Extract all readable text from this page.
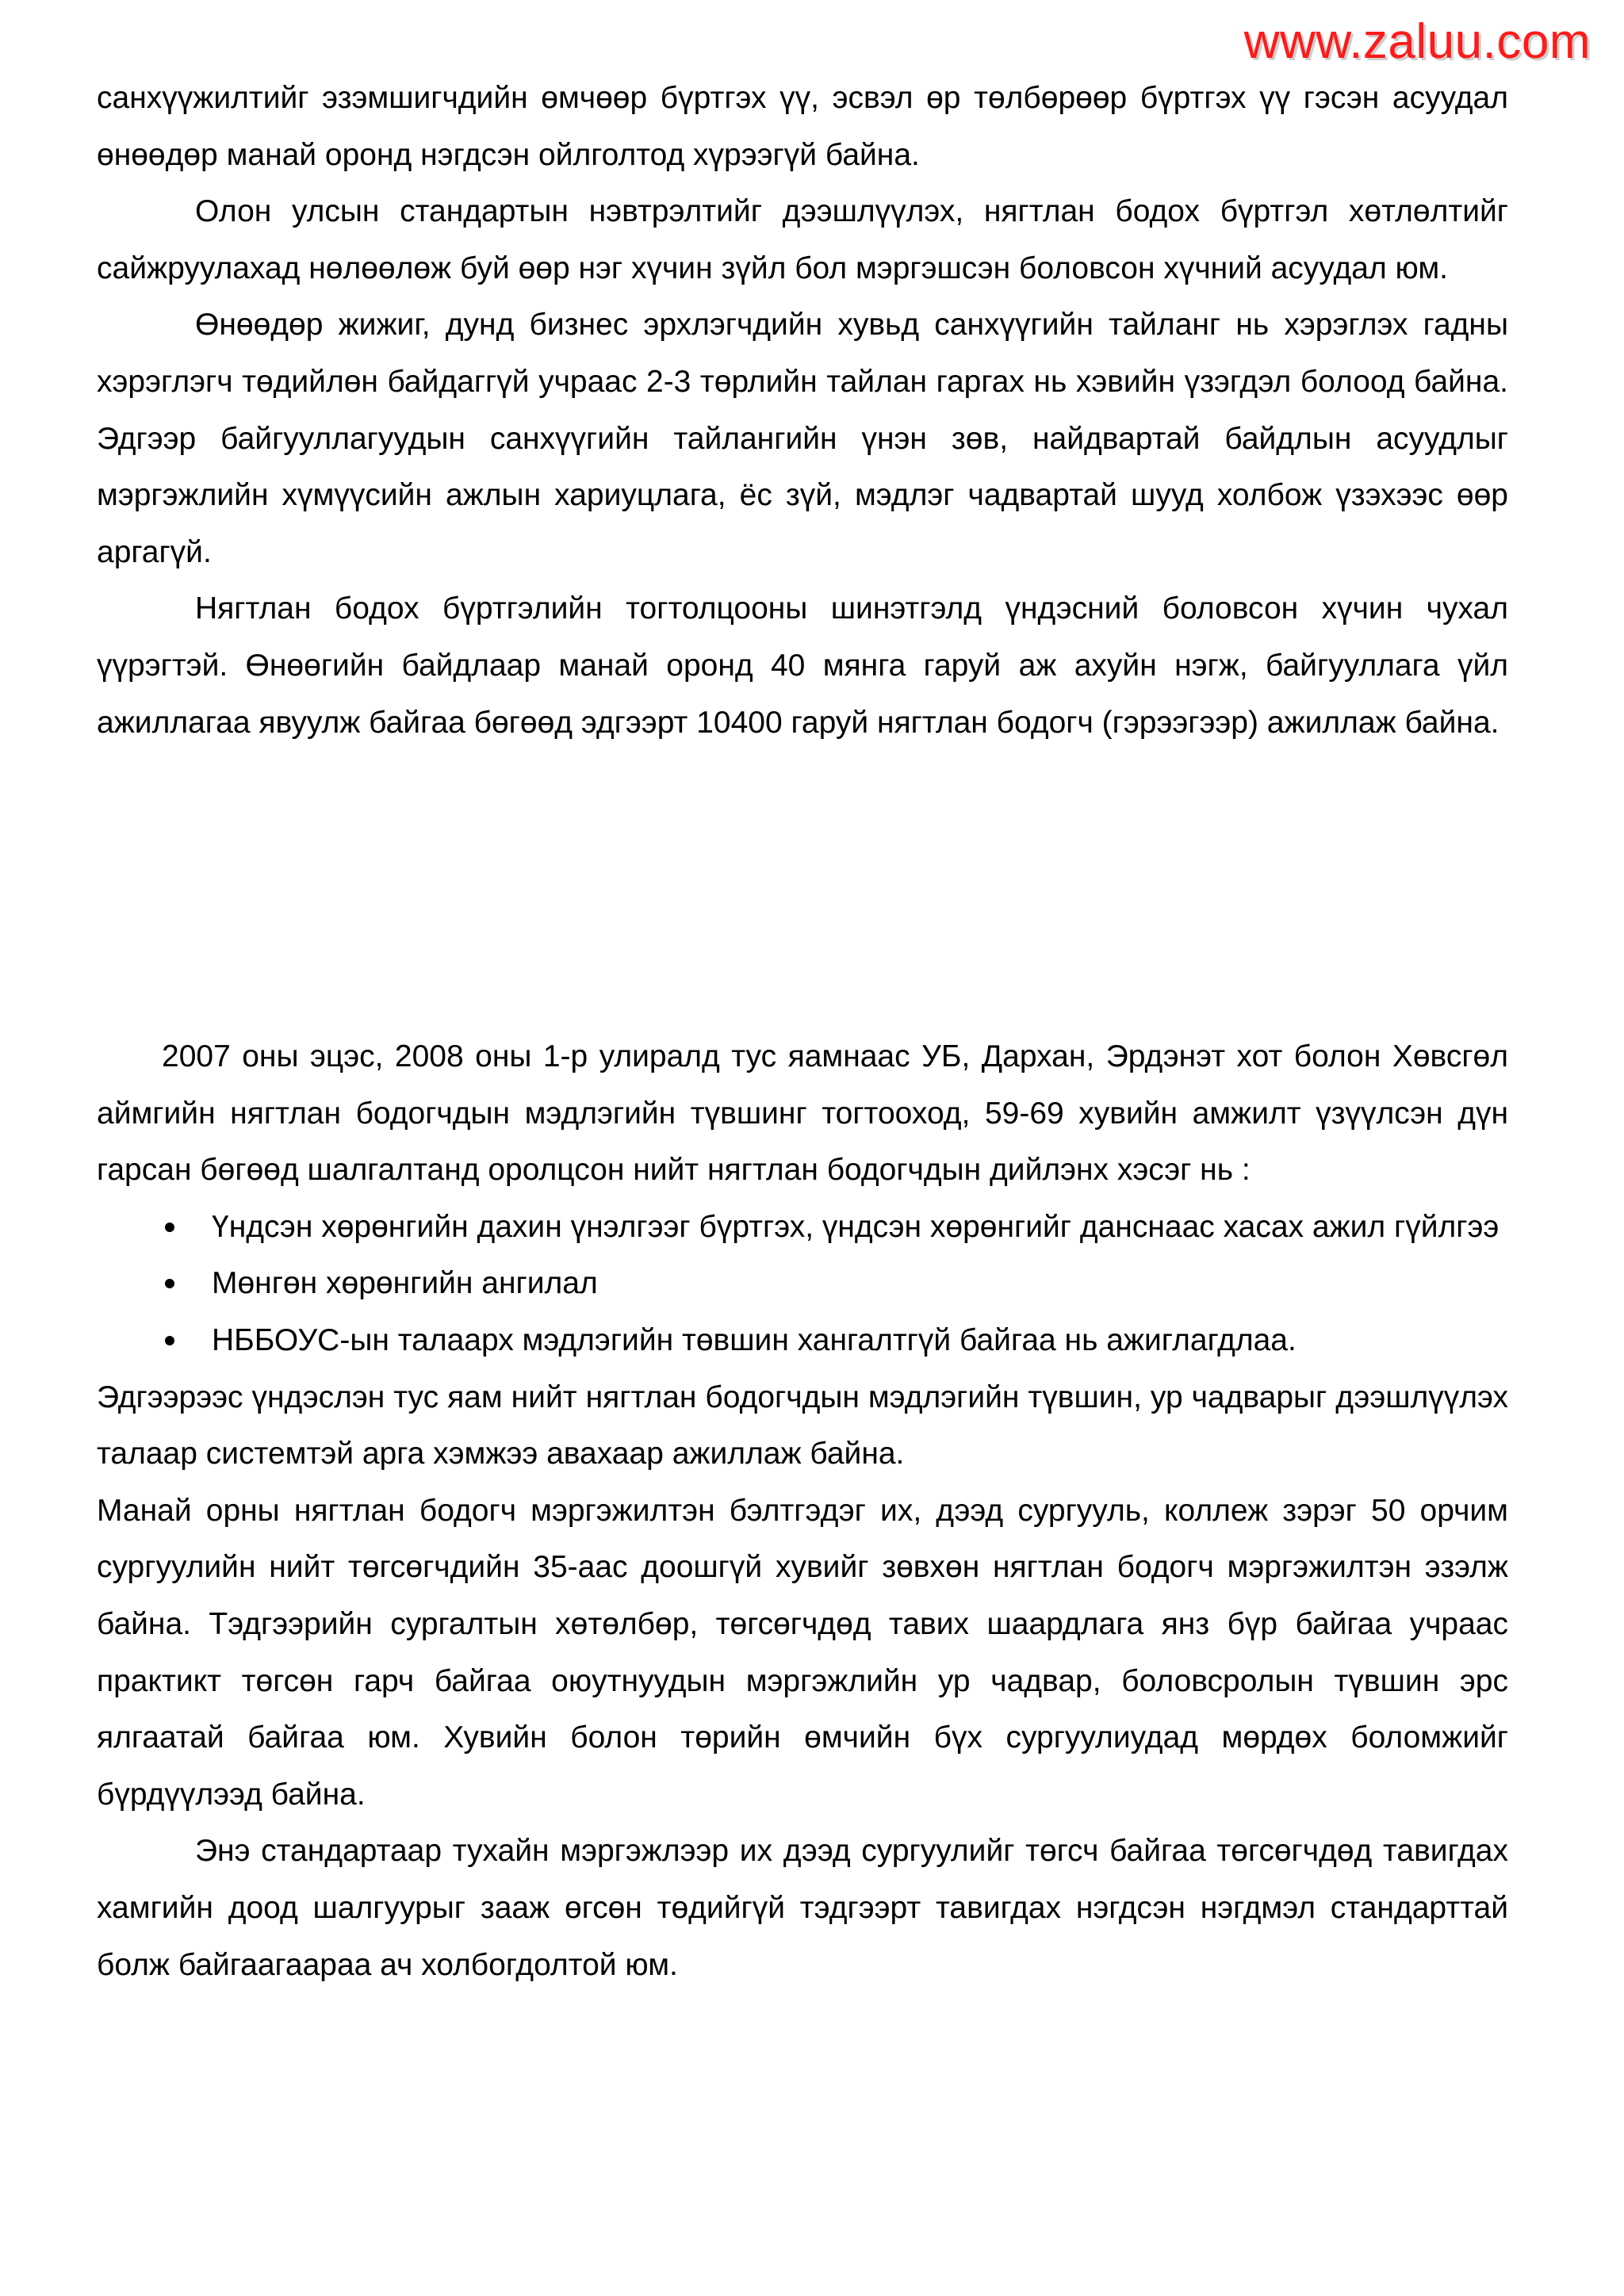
www.zaluu.com

санхүүжилтийг эзэмшигчдийн өмчөөр бүртгэх үү, эсвэл өр төлбөрөөр бүртгэх үү гэсэн асуудал өнөөдөр манай оронд нэгдсэн ойлголтод хүрээгүй байна.

Олон улсын стандартын нэвтрэлтийг дээшлүүлэх, нягтлан бодох бүртгэл хөтлөлтийг сайжруулахад нөлөөлөж буй өөр нэг хүчин зүйл бол мэргэшсэн боловсон хүчний асуудал юм.

Өнөөдөр жижиг, дунд бизнес эрхлэгчдийн хувьд санхүүгийн тайланг нь хэрэглэх гадны хэрэглэгч төдийлөн байдаггүй учраас 2-3 төрлийн тайлан гаргах нь хэвийн үзэгдэл болоод байна. Эдгээр байгууллагуудын санхүүгийн тайлангийн үнэн зөв, найдвартай байдлын асуудлыг мэргэжлийн хүмүүсийн ажлын хариуцлага, ёс зүй, мэдлэг чадвартай шууд холбож үзэхээс өөр аргагүй.

Нягтлан бодох бүртгэлийн тогтолцооны шинэтгэлд үндэсний боловсон хүчин чухал үүрэгтэй. Өнөөгийн байдлаар манай оронд 40 мянга гаруй аж ахуйн нэгж, байгууллага үйл ажиллагаа явуулж байгаа бөгөөд эдгээрт 10400 гаруй нягтлан бодогч (гэрээгээр) ажиллаж байна.

2007 оны эцэс, 2008 оны 1-р улиралд тус яамнаас УБ, Дархан, Эрдэнэт хот болон Хөвсгөл аймгийн нягтлан бодогчдын мэдлэгийн түвшинг тогтооход, 59-69 хувийн амжилт үзүүлсэн дүн гарсан бөгөөд шалгалтанд оролцсон нийт нягтлан бодогчдын дийлэнх хэсэг нь :

Үндсэн хөрөнгийн дахин үнэлгээг бүртгэх, үндсэн хөрөнгийг данснаас хасах ажил гүйлгээ
Мөнгөн хөрөнгийн ангилал
НББОУС-ын талаарх мэдлэгийн төвшин хангалтгүй байгаа нь ажиглагдлаа.

Эдгээрээс үндэслэн тус яам нийт нягтлан бодогчдын мэдлэгийн түвшин, ур чадварыг дээшлүүлэх талаар системтэй арга хэмжээ авахаар ажиллаж байна.

Манай орны нягтлан бодогч мэргэжилтэн бэлтгэдэг их, дээд сургууль, коллеж зэрэг 50 орчим сургуулийн нийт төгсөгчдийн 35-аас доошгүй хувийг зөвхөн нягтлан бодогч мэргэжилтэн эзэлж байна. Тэдгээрийн сургалтын хөтөлбөр, төгсөгчдөд тавих шаардлага янз бүр байгаа учраас практикт төгсөн гарч байгаа оюутнуудын мэргэжлийн ур чадвар, боловсролын түвшин эрс ялгаатай байгаа юм. Хувийн болон төрийн өмчийн бүх сургуулиудад мөрдөх боломжийг бүрдүүлээд байна.

Энэ стандартаар тухайн мэргэжлээр их дээд сургуулийг төгсч байгаа төгсөгчдөд тавигдах хамгийн доод шалгуурыг зааж өгсөн төдийгүй тэдгээрт тавигдах нэгдсэн нэгдмэл стандарттай болж байгаагаараа ач холбогдолтой юм.
